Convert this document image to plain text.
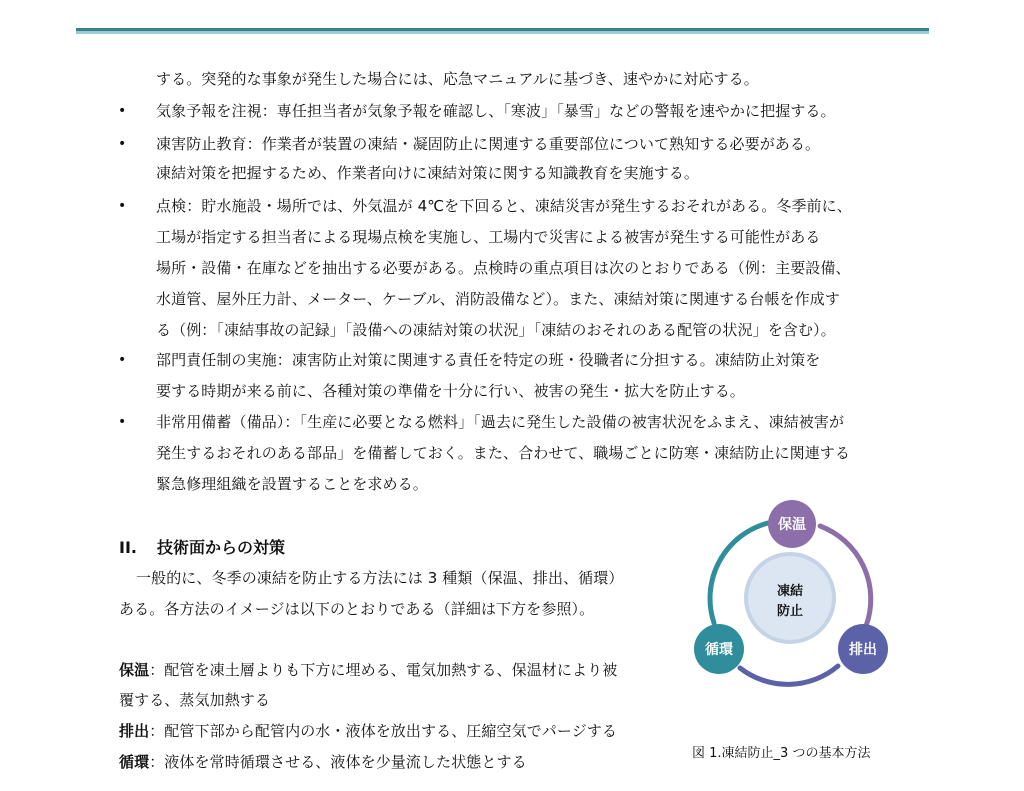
する。突発的な事象が発生した場合には、応急マニュアルに基づき、速やかに対応する。
• 気象予報を注視：専任担当者が気象予報を確認し、「寒波」「暴雪」などの警報を速やかに把握する。
• 凍害防止教育：作業者が装置の凍結・凝固防止に関連する重要部位について熟知する必要がある。
凍結対策を把握するため、作業者向けに凍結対策に関する知識教育を実施する。
• 点検：貯水施設・場所では、外気温が 4℃を下回ると、凍結災害が発生するおそれがある。冬季前に、
工場が指定する担当者による現場点検を実施し、工場内で災害による被害が発生する可能性がある
場所・設備・在庫などを抽出する必要がある。点検時の重点項目は次のとおりである（例：主要設備、
水道管、屋外圧力計、メーター、ケーブル、消防設備など）。また、凍結対策に関連する台帳を作成す
る（例：「凍結事故の記録」「設備への凍結対策の状況」「凍結のおそれのある配管の状況」を含む）。
• 部門責任制の実施：凍害防止対策に関連する責任を特定の班・役職者に分担する。凍結防止対策を
要する時期が来る前に、各種対策の準備を十分に行い、被害の発生・拡大を防止する。
• 非常用備蓄（備品）：「生産に必要となる燃料」「過去に発生した設備の被害状況をふまえ、凍結被害が
発生するおそれのある部品」を備蓄しておく。また、合わせて、職場ごとに防寒・凍結防止に関連する
緊急修理組織を設置することを求める。
II. 技術面からの対策
一般的に、冬季の凍結を防止する方法には 3 種類（保温、排出、循環）
ある。各方法のイメージは以下のとおりである（詳細は下方を参照）。
保温：配管を凍土層よりも下方に埋める、電気加熱する、保温材により被
覆する、蒸気加熱する
排出：配管下部から配管内の水・液体を放出する、圧縮空気でパージする
循環：液体を常時循環させる、液体を少量流した状態とする
凍結
防止
保温
排出
循環
図 1.凍結防止_3 つの基本方法
